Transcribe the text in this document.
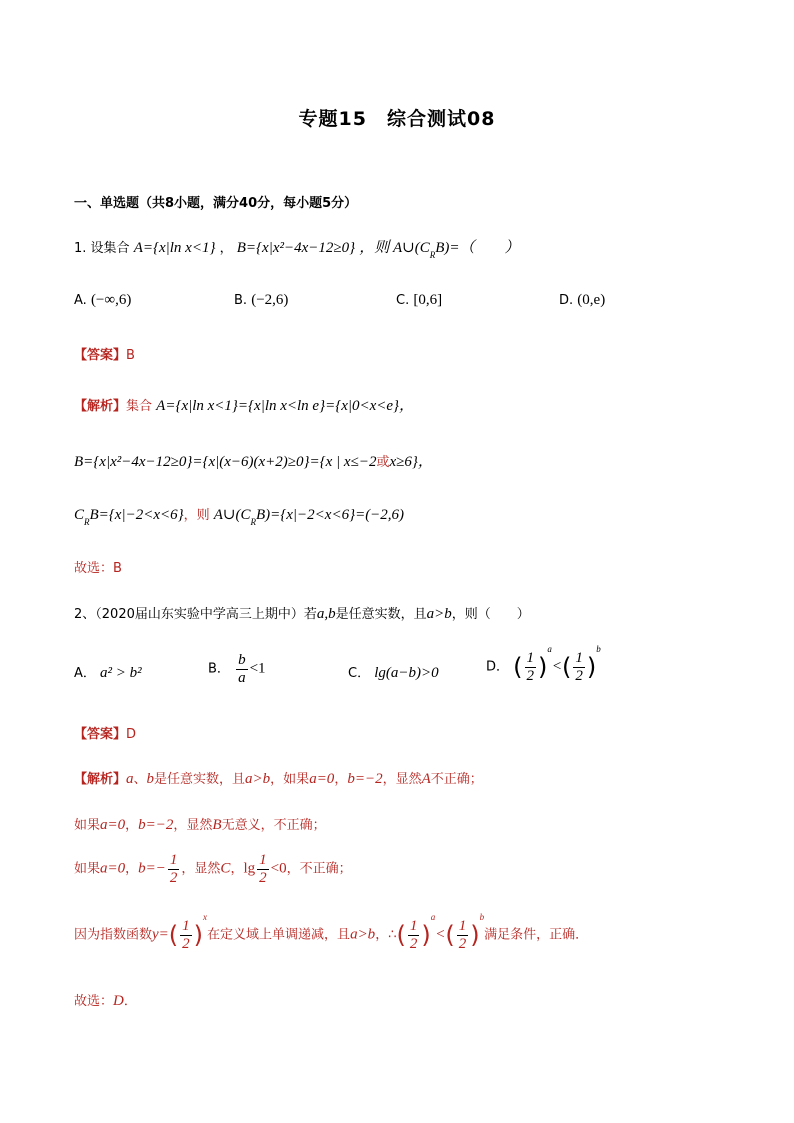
专题15　综合测试08
一、单选题（共8小题，满分40分，每小题5分）
1. 设集合 A={x|ln x<1} ， B={x|x²−4x−12≥0} ，则 $A\cup(C_RB)=$（　　）
A. (−∞,6)	B. (−2,6)	C. [0,6]	D. (0,e)
【答案】B
【解析】集合 A={x|ln x<1}={x|ln x<ln e}={x|0<x<e}，
B={x|x²−4x−12≥0}={x|(x−6)(x+2)≥0}={x | x≤−2或x≥6}，
$C_RB=\{x|-2<x<6\}$，则 $A\cup(C_RB)=\{x|-2<x<6\}=(-2,6)$
故选：B
2、（2020届山东实验中学高三上期中）若a,b是任意实数，且a>b，则（　　）
A． a² > b²	B． $\frac{b}{a} <1$	C． lg(a−b)>0	D． ( $\frac{1}{2} )^a<( \frac{1}{2} )^b$
【答案】D
【解析】a、b是任意实数，且a>b，如果a=0，b=−2，显然A不正确；
如果a=0，b=−2，显然B无意义，不正确；
如果a=0，$b=- \frac{1}{2}$ ，显然C，$\lg \frac{1}{2} <0$，不正确；
因为指数函数$y=( \frac{1}{2} )^x$在定义域上单调递减，且a>b，∴( $\frac{1}{2} )^a<( \frac{1}{2} )^b$满足条件，正确．
故选：D．
